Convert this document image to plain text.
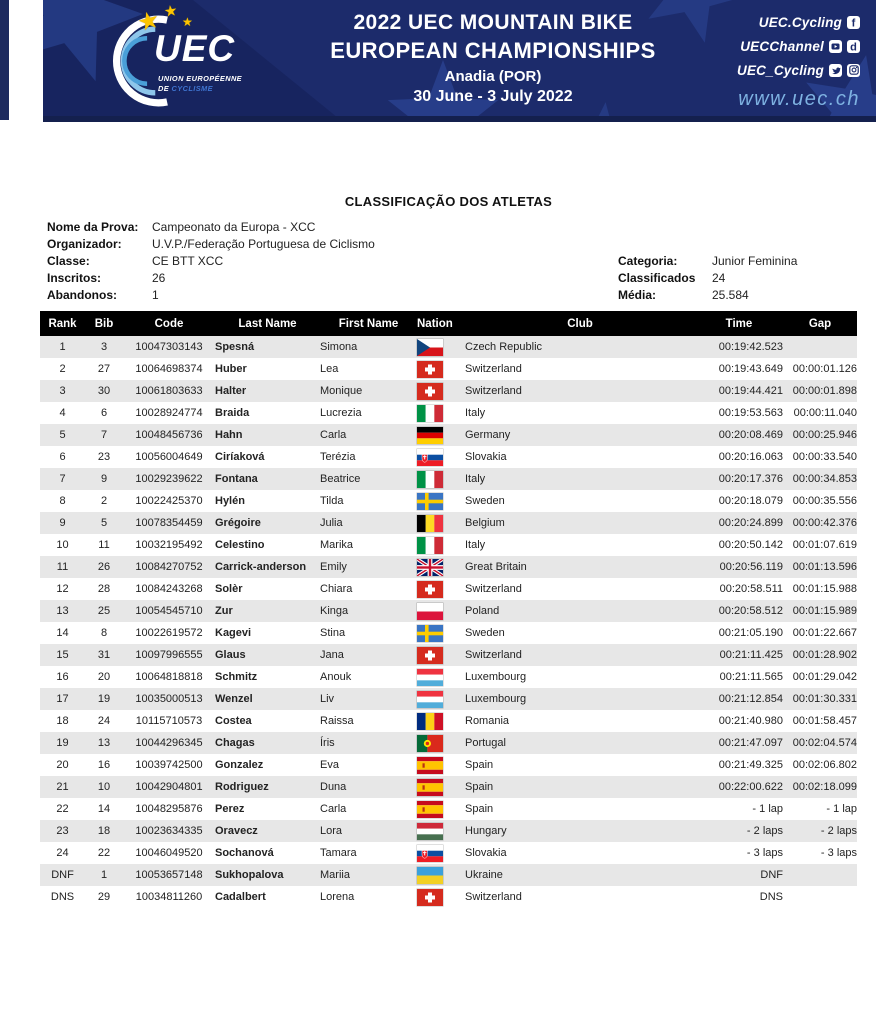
★ ★
★
UEC
UNION EUROPÉENNE
DE CYCLISME
2022 UEC MOUNTAIN BIKE
EUROPEAN CHAMPIONSHIPS
Anadia (POR)
30 June - 3 July 2022
UEC.Cycling f
UECChannel d
UEC_Cycling
www.uec.ch
CLASSIFICAÇÃO DOS ATLETAS
Nome da Prova:	Campeonato da Europa - XCC
Organizador:	U.V.P./Federação Portuguesa de Ciclismo
Classe:	CE BTT XCC
Inscritos:	26
Abandonos:	1
Categoria:	Junior Feminina
Classificados	24
Média:	25.584
Rank	Bib	Code	Last Name	First Name	Nation	Club	Time	Gap
1	3	10047303143	Spesná	Simona		Czech Republic	00:19:42.523	
2	27	10064698374	Huber	Lea		Switzerland	00:19:43.649	00:00:01.126
3	30	10061803633	Halter	Monique		Switzerland	00:19:44.421	00:00:01.898
4	6	10028924774	Braida	Lucrezia		Italy	00:19:53.563	00:00:11.040
5	7	10048456736	Hahn	Carla		Germany	00:20:08.469	00:00:25.946
6	23	10056004649	Ciríaková	Terézia		Slovakia	00:20:16.063	00:00:33.540
7	9	10029239622	Fontana	Beatrice		Italy	00:20:17.376	00:00:34.853
8	2	10022425370	Hylén	Tilda		Sweden	00:20:18.079	00:00:35.556
9	5	10078354459	Grégoire	Julia		Belgium	00:20:24.899	00:00:42.376
10	11	10032195492	Celestino	Marika		Italy	00:20:50.142	00:01:07.619
11	26	10084270752	Carrick-anderson	Emily		Great Britain	00:20:56.119	00:01:13.596
12	28	10084243268	Solèr	Chiara		Switzerland	00:20:58.511	00:01:15.988
13	25	10054545710	Zur	Kinga		Poland	00:20:58.512	00:01:15.989
14	8	10022619572	Kagevi	Stina		Sweden	00:21:05.190	00:01:22.667
15	31	10097996555	Glaus	Jana		Switzerland	00:21:11.425	00:01:28.902
16	20	10064818818	Schmitz	Anouk		Luxembourg	00:21:11.565	00:01:29.042
17	19	10035000513	Wenzel	Liv		Luxembourg	00:21:12.854	00:01:30.331
18	24	10115710573	Costea	Raissa		Romania	00:21:40.980	00:01:58.457
19	13	10044296345	Chagas	Íris		Portugal	00:21:47.097	00:02:04.574
20	16	10039742500	Gonzalez	Eva		Spain	00:21:49.325	00:02:06.802
21	10	10042904801	Rodriguez	Duna		Spain	00:22:00.622	00:02:18.099
22	14	10048295876	Perez	Carla		Spain	- 1 lap	- 1 lap
23	18	10023634335	Oravecz	Lora		Hungary	- 2 laps	- 2 laps
24	22	10046049520	Sochanová	Tamara		Slovakia	- 3 laps	- 3 laps
DNF	1	10053657148	Sukhopalova	Mariia		Ukraine	DNF	
DNS	29	10034811260	Cadalbert	Lorena		Switzerland	DNS	
